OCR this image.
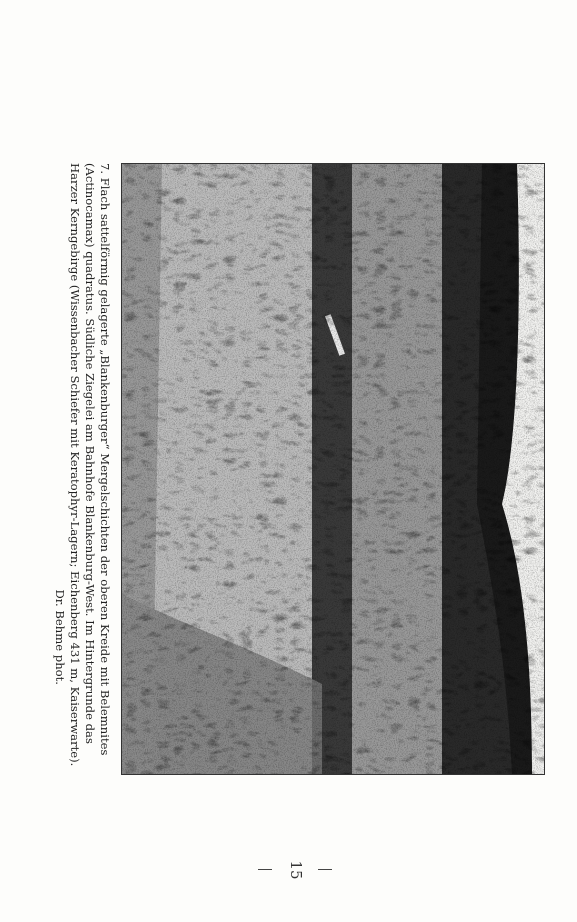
7. Flach sattelförmig gelagerte „Blankenburger“ Mergelschichten der oberen Kreide mit Belemnites
(Actinocamax) quadratus. Südliche Ziegelei am Bahnhofe Blankenburg-West. Im Hintergrunde das
Harzer Kerngebirge (Wissenbacher Schiefer mit Keratophyr-Lagern; Eichenberg 431 m, Kaiserwarte).
Dr. Behme phot.
15
